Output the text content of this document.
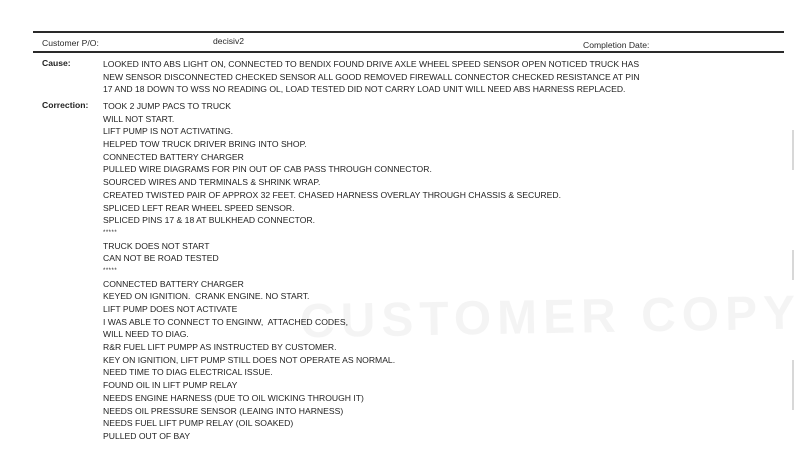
Customer P/O:	decisiv2	Completion Date:
Cause:	LOOKED INTO ABS LIGHT ON, CONNECTED TO BENDIX FOUND DRIVE AXLE WHEEL SPEED SENSOR OPEN NOTICED TRUCK HAS
NEW SENSOR DISCONNECTED CHECKED SENSOR ALL GOOD REMOVED FIREWALL CONNECTOR CHECKED RESISTANCE AT PIN
17 AND 18 DOWN TO WSS NO READING OL, LOAD TESTED DID NOT CARRY LOAD UNIT WILL NEED ABS HARNESS REPLACED.
Correction: TOOK 2 JUMP PACS TO TRUCK
WILL NOT START.
LIFT PUMP IS NOT ACTIVATING.
HELPED TOW TRUCK DRIVER BRING INTO SHOP.
CONNECTED BATTERY CHARGER
PULLED WIRE DIAGRAMS FOR PIN OUT OF CAB PASS THROUGH CONNECTOR.
SOURCED WIRES AND TERMINALS & SHRINK WRAP.
CREATED TWISTED PAIR OF APPROX 32 FEET. CHASED HARNESS OVERLAY THROUGH CHASSIS & SECURED.
SPLICED LEFT REAR WHEEL SPEED SENSOR.
SPLICED PINS 17 & 18 AT BULKHEAD CONNECTOR.
*****
TRUCK DOES NOT START
CAN NOT BE ROAD TESTED
*****
CONNECTED BATTERY CHARGER
KEYED ON IGNITION.  CRANK ENGINE. NO START.
LIFT PUMP DOES NOT ACTIVATE
I WAS ABLE TO CONNECT TO ENGINW,  ATTACHED CODES,
WILL NEED TO DIAG.
R&R FUEL LIFT PUMPP AS INSTRUCTED BY CUSTOMER.
KEY ON IGNITION, LIFT PUMP STILL DOES NOT OPERATE AS NORMAL.
NEED TIME TO DIAG ELECTRICAL ISSUE.
FOUND OIL IN LIFT PUMP RELAY
NEEDS ENGINE HARNESS (DUE TO OIL WICKING THROUGH IT)
NEEDS OIL PRESSURE SENSOR (LEAING INTO HARNESS)
NEEDS FUEL LIFT PUMP RELAY (OIL SOAKED)
PULLED OUT OF BAY
